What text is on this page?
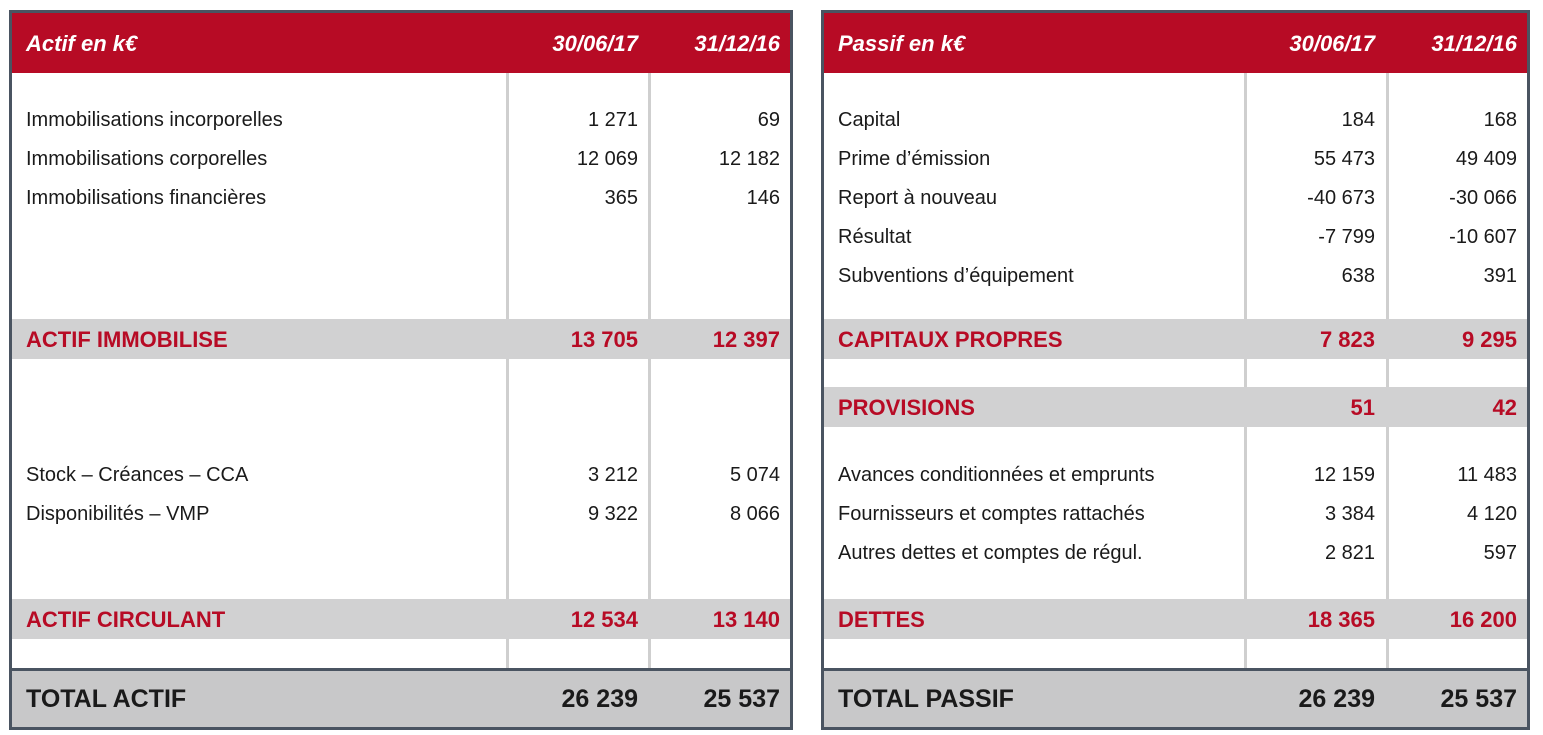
Actif en k€	30/06/17	31/12/16
Immobilisations incorporelles	1 271	69
Immobilisations corporelles	12 069	12 182
Immobilisations financières	365	146
ACTIF IMMOBILISE	13 705	12 397
Stock – Créances – CCA	3 212	5 074
Disponibilités – VMP	9 322	8 066
ACTIF CIRCULANT	12 534	13 140
TOTAL ACTIF	26 239	25 537
Passif en k€	30/06/17	31/12/16
Capital	184	168
Prime d’émission	55 473	49 409
Report à nouveau	-40 673	-30 066
Résultat	-7 799	-10 607
Subventions d’équipement	638	391
CAPITAUX PROPRES	7 823	9 295
PROVISIONS	51	42
Avances conditionnées et emprunts	12 159	11 483
Fournisseurs et comptes rattachés	3 384	4 120
Autres dettes et comptes de régul.	2 821	597
DETTES	18 365	16 200
TOTAL PASSIF	26 239	25 537
